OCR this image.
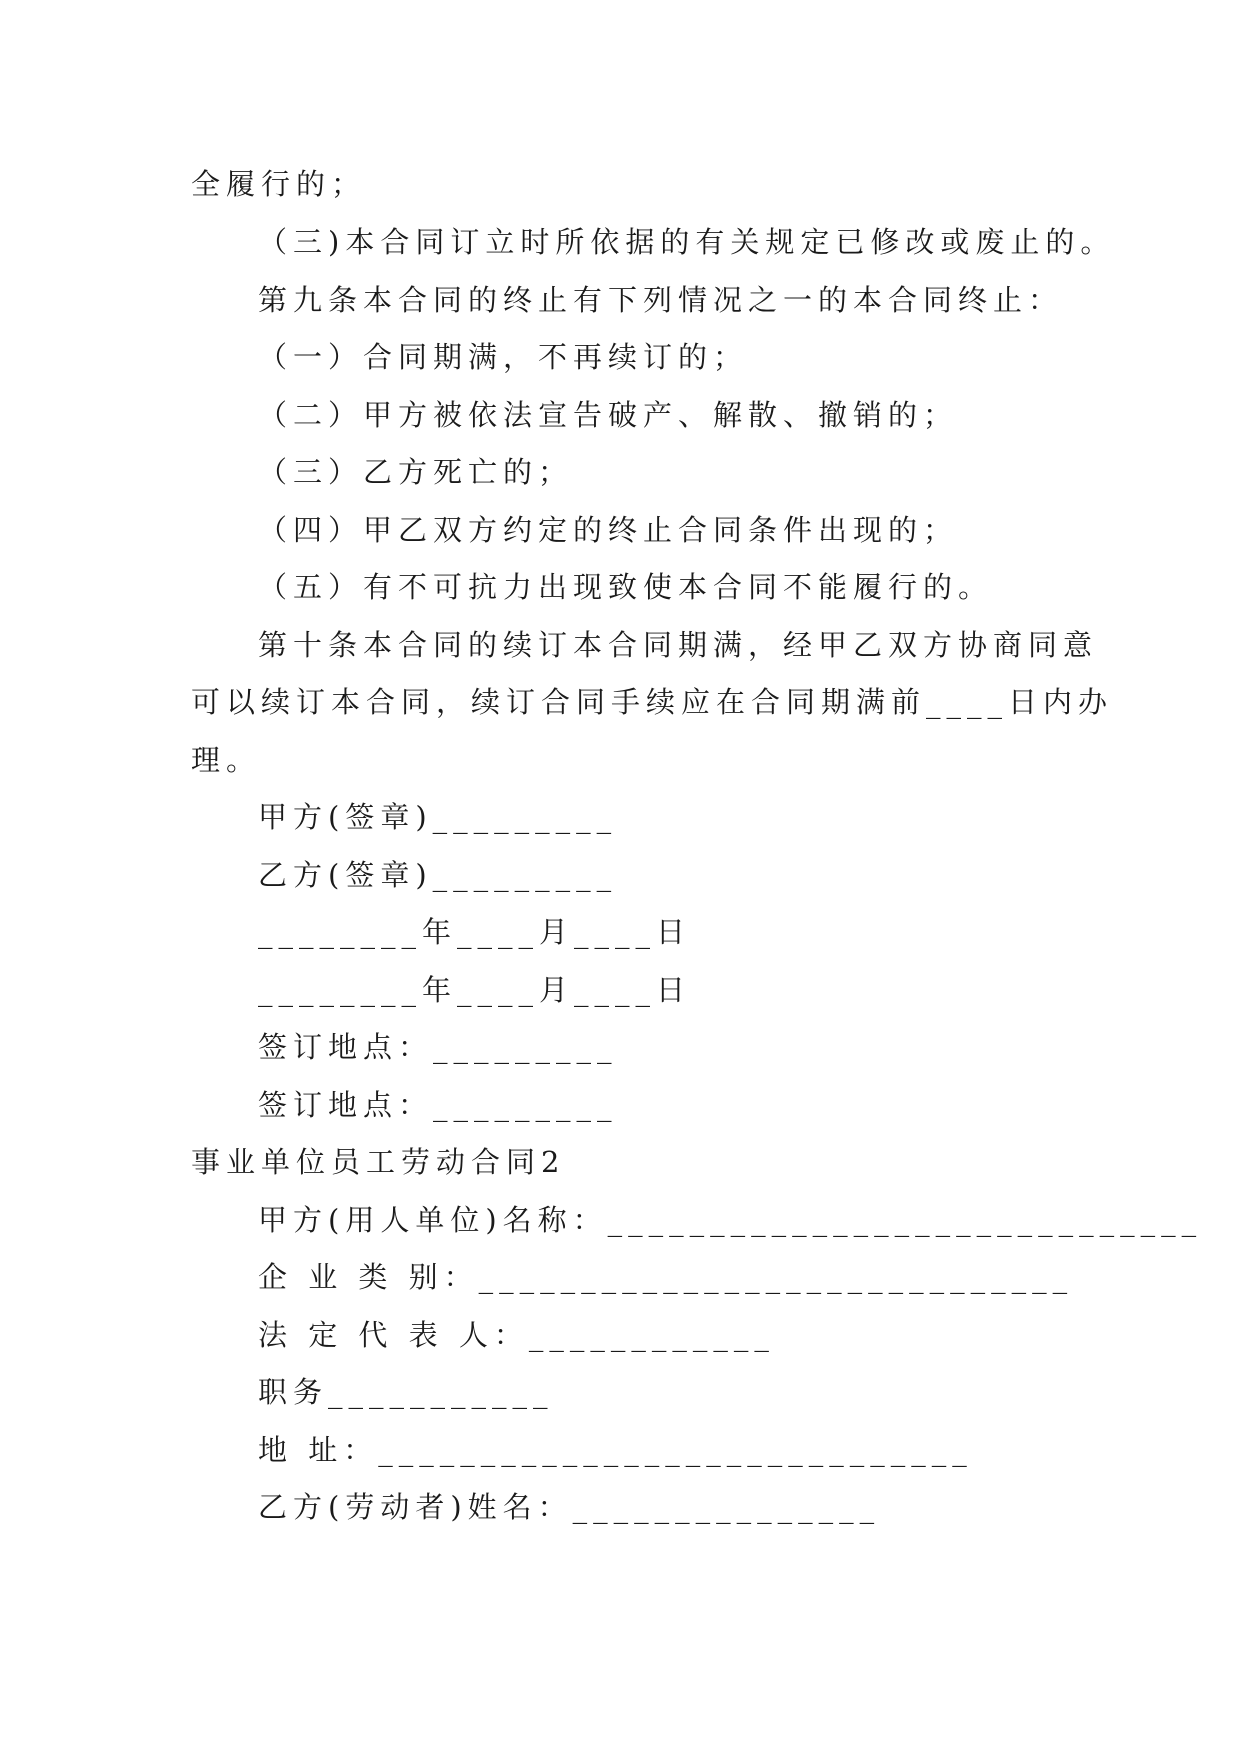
全履行的；
（三)本合同订立时所依据的有关规定已修改或废止的。
第九条本合同的终止有下列情况之一的本合同终止：
（一）合同期满，不再续订的；
（二）甲方被依法宣告破产、解散、撤销的；
（三）乙方死亡的；
（四）甲乙双方约定的终止合同条件出现的；
（五）有不可抗力出现致使本合同不能履行的。
第十条本合同的续订本合同期满，经甲乙双方协商同意
可以续订本合同，续订合同手续应在合同期满前____日内办
理。
甲方(签章)_________
乙方(签章)_________
________年____月____日
________年____月____日
签订地点：_________
签订地点：_________
事业单位员工劳动合同2
甲方(用人单位)名称：_____________________________
企 业 类 别：_____________________________
法 定 代 表 人：____________
职务___________
地 址：_____________________________
乙方(劳动者)姓名：_______________
